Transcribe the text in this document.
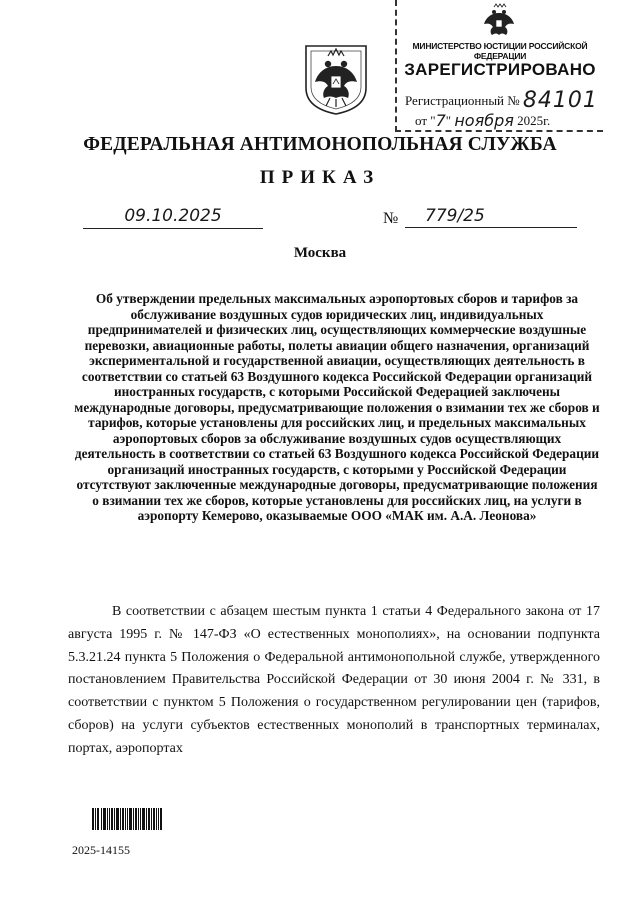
МИНИСТЕРСТВО ЮСТИЦИИ РОССИЙСКОЙ ФЕДЕРАЦИИ
ЗАРЕГИСТРИРОВАНО
Регистрационный № 84101
от "7" ноября 2025г.
ФЕДЕРАЛЬНАЯ АНТИМОНОПОЛЬНАЯ СЛУЖБА
ПРИКАЗ
09.10.2025	№	779/25
Москва
Об утверждении предельных максимальных аэропортовых сборов и тарифов за обслуживание воздушных судов юридических лиц, индивидуальных предпринимателей и физических лиц, осуществляющих коммерческие воздушные перевозки, авиационные работы, полеты авиации общего назначения, организаций экспериментальной и государственной авиации, осуществляющих деятельность в соответствии со статьей 63 Воздушного кодекса Российской Федерации организаций иностранных государств, с которыми Российской Федерацией заключены международные договоры, предусматривающие положения о взимании тех же сборов и тарифов, которые установлены для российских лиц, и предельных максимальных аэропортовых сборов за обслуживание воздушных судов осуществляющих деятельность в соответствии со статьей 63 Воздушного кодекса Российской Федерации организаций иностранных государств, с которыми у Российской Федерации отсутствуют заключенные международные договоры, предусматривающие положения о взимании тех же сборов, которые установлены для российских лиц, на услуги в аэропорту Кемерово, оказываемые ООО «МАК им. А.А. Леонова»

В соответствии с абзацем шестым пункта 1 статьи 4 Федерального закона от 17 августа 1995 г. № 147-ФЗ «О естественных монополиях», на основании подпункта 5.3.21.24 пункта 5 Положения о Федеральной антимонопольной службе, утвержденного постановлением Правительства Российской Федерации от 30 июня 2004 г. № 331, в соответствии с пунктом 5 Положения о государственном регулировании цен (тарифов, сборов) на услуги субъектов естественных монополий в транспортных терминалах, портах, аэропортах

2025-14155
